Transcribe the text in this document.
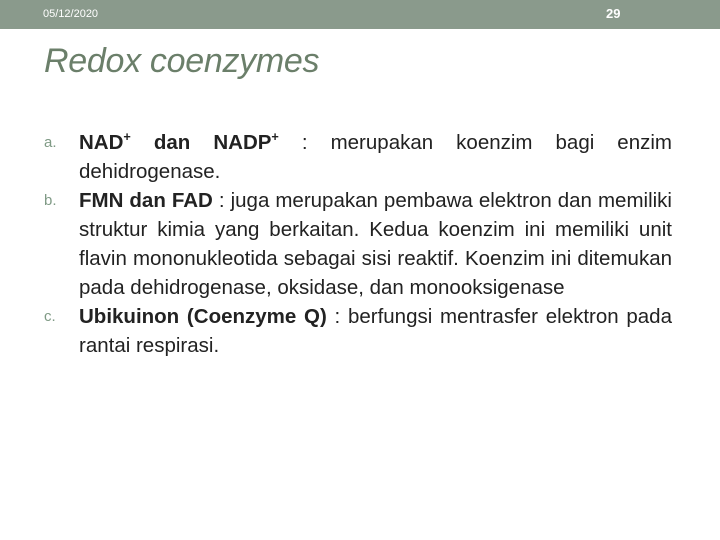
05/12/2020	29
Redox coenzymes
a.	NAD+ dan NADP+ : merupakan koenzim bagi enzim dehidrogenase.
b.	FMN dan FAD : juga merupakan pembawa elektron dan memiliki struktur kimia yang berkaitan. Kedua koenzim ini memiliki unit flavin mononukleotida sebagai sisi reaktif. Koenzim ini ditemukan pada dehidrogenase, oksidase, dan monooksigenase
c.	Ubikuinon (Coenzyme Q) : berfungsi mentrasfer elektron pada rantai respirasi.
